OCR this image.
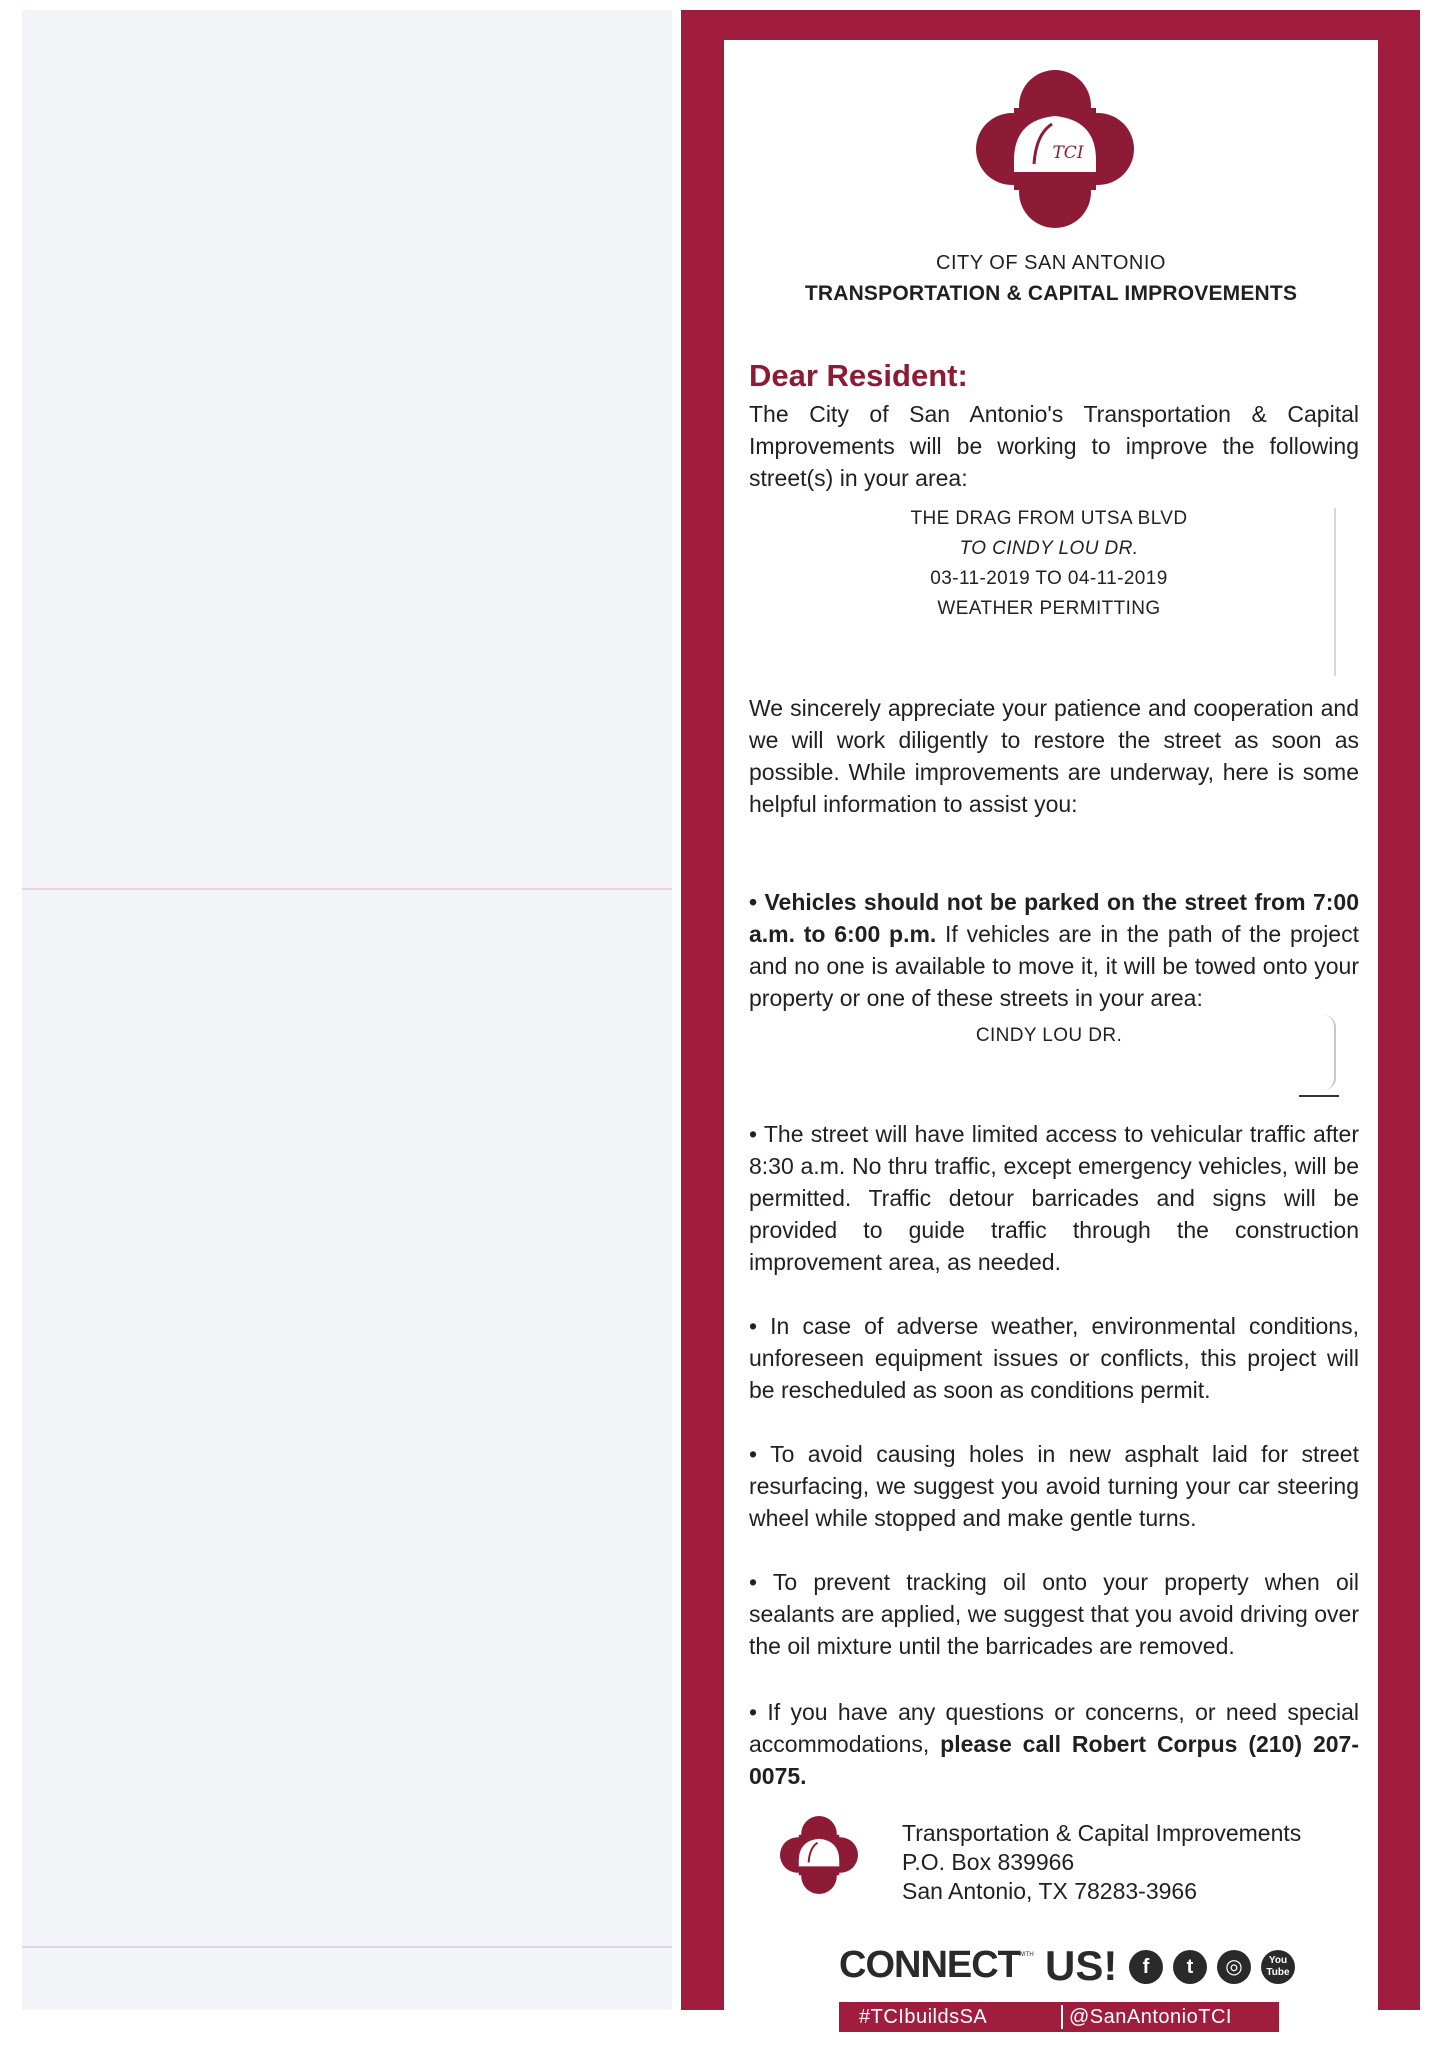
TCI
CITY OF SAN ANTONIO
TRANSPORTATION & CAPITAL IMPROVEMENTS
Dear Resident:
The City of San Antonio's Transportation & Capital Improvements will be working to improve the following street(s) in your area:
THE DRAG FROM UTSA BLVD
TO CINDY LOU DR.
03-11-2019 TO 04-11-2019
WEATHER PERMITTING
We sincerely appreciate your patience and cooperation and we will work diligently to restore the street as soon as possible. While improvements are underway, here is some helpful information to assist you:
• Vehicles should not be parked on the street from 7:00 a.m. to 6:00 p.m. If vehicles are in the path of the project and no one is available to move it, it will be towed onto your property or one of these streets in your area:
CINDY LOU DR.
• The street will have limited access to vehicular traffic after 8:30 a.m. No thru traffic, except emergency vehicles, will be permitted. Traffic detour barricades and signs will be provided to guide traffic through the construction improvement area, as needed.
• In case of adverse weather, environmental conditions, unforeseen equipment issues or conflicts, this project will be rescheduled as soon as conditions permit.
• To avoid causing holes in new asphalt laid for street resurfacing, we suggest you avoid turning your car steering wheel while stopped and make gentle turns.
• To prevent tracking oil onto your property when oil sealants are applied, we suggest that you avoid driving over the oil mixture until the barricades are removed.
• If you have any questions or concerns, or need special accommodations, please call Robert Corpus (210) 207-0075.
Transportation & Capital Improvements
P.O. Box 839966
San Antonio, TX 78283-3966
CONNECT
WITH US!	f	t	◎	You Tube
#TCIbuildsSA	@SanAntonioTCI
